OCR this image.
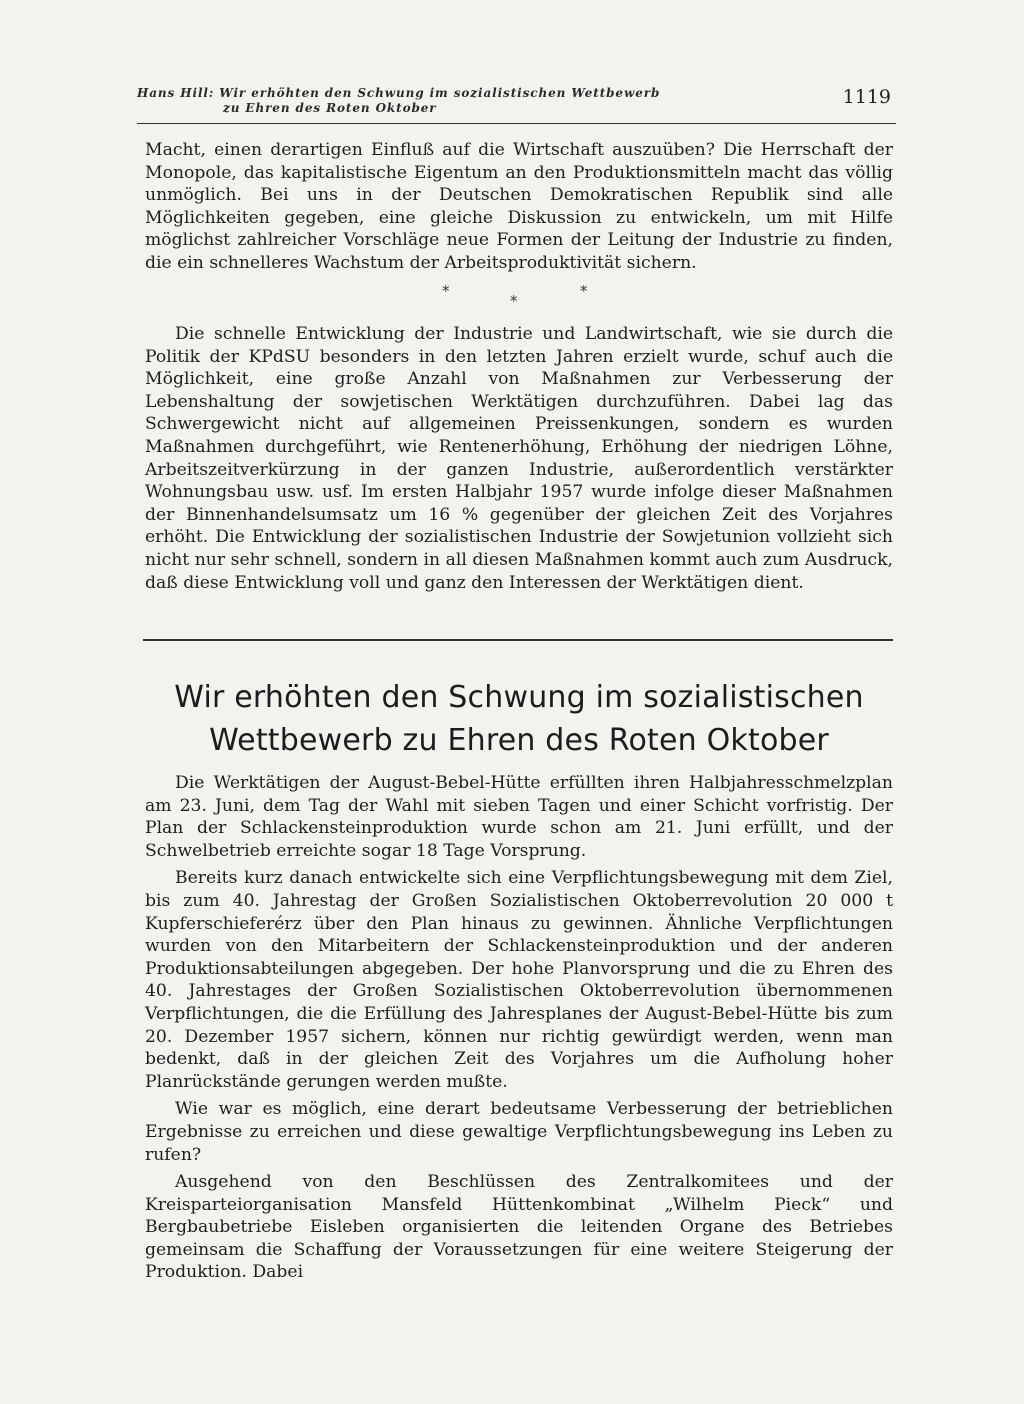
Hans Hill: Wir erhöhten den Schwung im sozialistischen Wettbewerb
zu Ehren des Roten Oktober	1119

Macht, einen derartigen Einfluß auf die Wirtschaft auszuüben? Die Herrschaft der Monopole, das kapitalistische Eigentum an den Produktionsmitteln macht das völlig unmöglich. Bei uns in der Deutschen Demokratischen Republik sind alle Möglichkeiten gegeben, eine gleiche Diskussion zu entwickeln, um mit Hilfe möglichst zahlreicher Vorschläge neue Formen der Leitung der Industrie zu finden, die ein schnelleres Wachstum der Arbeitsproduktivität sichern.

*
*
*

Die schnelle Entwicklung der Industrie und Landwirtschaft, wie sie durch die Politik der KPdSU besonders in den letzten Jahren erzielt wurde, schuf auch die Möglichkeit, eine große Anzahl von Maßnahmen zur Verbesserung der Lebenshaltung der sowjetischen Werktätigen durchzuführen. Dabei lag das Schwergewicht nicht auf allgemeinen Preissenkungen, sondern es wurden Maßnahmen durchgeführt, wie Rentenerhöhung, Erhöhung der niedrigen Löhne, Arbeitszeitverkürzung in der ganzen Industrie, außerordentlich verstärkter Wohnungsbau usw. usf. Im ersten Halbjahr 1957 wurde infolge dieser Maßnahmen der Binnenhandelsumsatz um 16 % gegenüber der gleichen Zeit des Vorjahres erhöht. Die Entwicklung der sozialistischen Industrie der Sowjetunion vollzieht sich nicht nur sehr schnell, sondern in all diesen Maßnahmen kommt auch zum Ausdruck, daß diese Entwicklung voll und ganz den Interessen der Werktätigen dient.

Wir erhöhten den Schwung im sozialistischen
Wettbewerb zu Ehren des Roten Oktober

Die Werktätigen der August-Bebel-Hütte erfüllten ihren Halbjahresschmelzplan am 23. Juni, dem Tag der Wahl mit sieben Tagen und einer Schicht vorfristig. Der Plan der Schlackensteinproduktion wurde schon am 21. Juni erfüllt, und der Schwelbetrieb erreichte sogar 18 Tage Vorsprung.

Bereits kurz danach entwickelte sich eine Verpflichtungsbewegung mit dem Ziel, bis zum 40. Jahrestag der Großen Sozialistischen Oktoberrevolution 20 000 t Kupferschieferérz über den Plan hinaus zu gewinnen. Ähnliche Verpflichtungen wurden von den Mitarbeitern der Schlackensteinproduktion und der anderen Produktionsabteilungen abgegeben. Der hohe Planvorsprung und die zu Ehren des 40. Jahrestages der Großen Sozialistischen Oktoberrevolution übernommenen Verpflichtungen, die die Erfüllung des Jahresplanes der August-Bebel-Hütte bis zum 20. Dezember 1957 sichern, können nur richtig gewürdigt werden, wenn man bedenkt, daß in der gleichen Zeit des Vorjahres um die Aufholung hoher Planrückstände gerungen werden mußte.

Wie war es möglich, eine derart bedeutsame Verbesserung der betrieblichen Ergebnisse zu erreichen und diese gewaltige Verpflichtungsbewegung ins Leben zu rufen?

Ausgehend von den Beschlüssen des Zentralkomitees und der Kreisparteiorganisation Mansfeld Hüttenkombinat „Wilhelm Pieck“ und Bergbaubetriebe Eisleben organisierten die leitenden Organe des Betriebes gemeinsam die Schaffung der Voraussetzungen für eine weitere Steigerung der Produktion. Dabei
